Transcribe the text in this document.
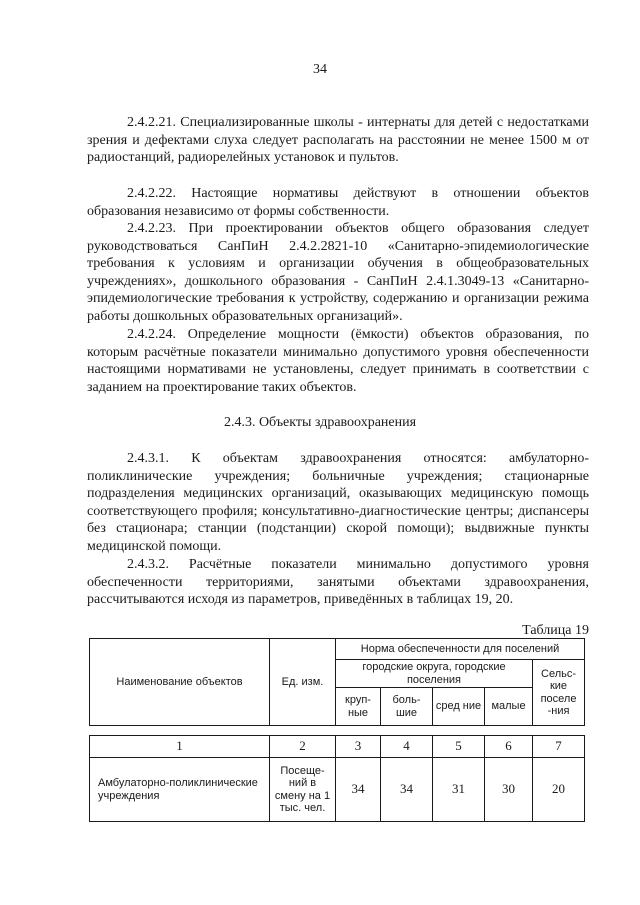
34

2.4.2.21. Специализированные школы - интернаты для детей с недостатками зрения и дефектами слуха следует располагать на расстоянии не менее 1500 м от радиостанций, радиорелейных установок и пультов.

2.4.2.22. Настоящие нормативы действуют в отношении объектов образования независимо от формы собственности.

2.4.2.23. При проектировании объектов общего образования следует руководствоваться СанПиН 2.4.2.2821-10 «Санитарно-эпидемиологические требования к условиям и организации обучения в общеобразовательных учреждениях», дошкольного образования - СанПиН 2.4.1.3049-13 «Санитарно-эпидемиологические требования к устройству, содержанию и организации режима работы дошкольных образовательных организаций».

2.4.2.24. Определение мощности (ёмкости) объектов образования, по которым расчётные показатели минимально допустимого уровня обеспеченности настоящими нормативами не установлены, следует принимать в соответствии с заданием на проектирование таких объектов.

2.4.3. Объекты здравоохранения

2.4.3.1. К объектам здравоохранения относятся: амбулаторно-поликлинические учреждения; больничные учреждения; стационарные подразделения медицинских организаций, оказывающих медицинскую помощь соответствующего профиля; консультативно-диагностические центры; диспансеры без стационара; станции (подстанции) скорой помощи); выдвижные пункты медицинской помощи.

2.4.3.2. Расчётные показатели минимально допустимого уровня обеспеченности территориями, занятыми объектами здравоохранения, рассчитываются исходя из параметров, приведённых в таблицах 19, 20.

Таблица 19
Наименование объектов	Ед. изм.	Норма обеспеченности для поселений				
		городские округа, городские поселения				Сельс-кие поселе -ния
		круп-ные	боль-шие	сред ние	малые	
1	2	3	4	5	6	7
Амбулаторно-поликлинические учреждения	Посеще-ний в смену на 1 тыс. чел.	34	34	31	30	20
